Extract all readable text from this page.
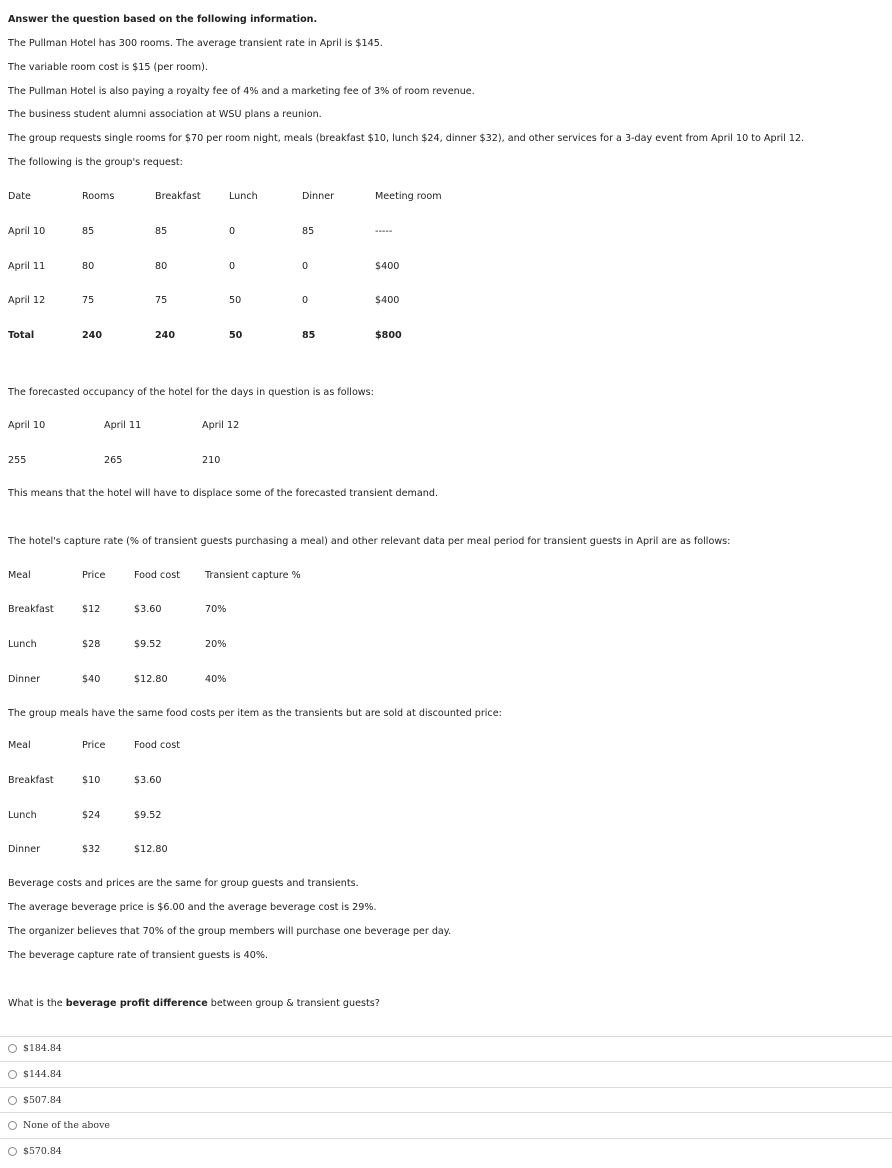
Answer the question based on the following information.
The Pullman Hotel has 300 rooms. The average transient rate in April is $145.
The variable room cost is $15 (per room).
The Pullman Hotel is also paying a royalty fee of 4% and a marketing fee of 3% of room revenue.
The business student alumni association at WSU plans a reunion.
The group requests single rooms for $70 per room night, meals (breakfast $10, lunch $24, dinner $32), and other services for a 3-day event from April 10 to April 12.
The following is the group's request:
Date	Rooms	Breakfast	Lunch	Dinner	Meeting room
April 10	85	85	0	85	-----
April 11	80	80	0	0	$400
April 12	75	75	50	0	$400
Total	240	240	50	85	$800
The forecasted occupancy of the hotel for the days in question is as follows:
April 10	April 11	April 12
255	265	210
This means that the hotel will have to displace some of the forecasted transient demand.
The hotel's capture rate (% of transient guests purchasing a meal) and other relevant data per meal period for transient guests in April are as follows:
Meal	Price	Food cost	Transient capture %
Breakfast	$12	$3.60	70%
Lunch	$28	$9.52	20%
Dinner	$40	$12.80	40%
The group meals have the same food costs per item as the transients but are sold at discounted price:
Meal	Price	Food cost
Breakfast	$10	$3.60
Lunch	$24	$9.52
Dinner	$32	$12.80
Beverage costs and prices are the same for group guests and transients.
The average beverage price is $6.00 and the average beverage cost is 29%.
The organizer believes that 70% of the group members will purchase one beverage per day.
The beverage capture rate of transient guests is 40%.
What is the beverage profit difference between group & transient guests?
$184.84
$144.84
$507.84
None of the above
$570.84
